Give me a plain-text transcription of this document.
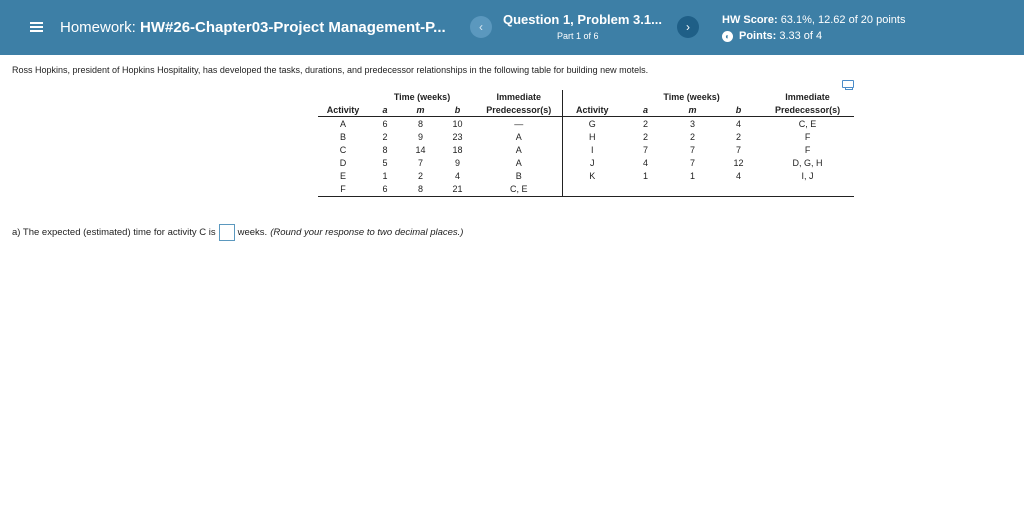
Homework: HW#26-Chapter03-Project Management-P...	‹	Question 1, Problem 3.1...
Part 1 of 6
›	HW Score: 63.1%, 12.62 of 20 points
◐ Points:
3.33 of 4
Ross Hopkins, president of Hopkins Hospitality, has developed the tasks, durations, and predecessor relationships in the following table for building new motels.
	Time (weeks)			Immediate		Time (weeks)			Immediate
Activity	a	m	b	Predecessor(s)	Activity	a	m	b	Predecessor(s)
A	6	8	10	—	G	2	3	4	C, E
B	2	9	23	A	H	2	2	2	F
C	8	14	18	A	I	7	7	7	F
D	5	7	9	A	J	4	7	12	D, G, H
E	1	2	4	B	K	1	1	4	I, J
F	6	8	21	C, E					
a) The expected (estimated) time for activity C is weeks. (Round your response to two decimal places.)
